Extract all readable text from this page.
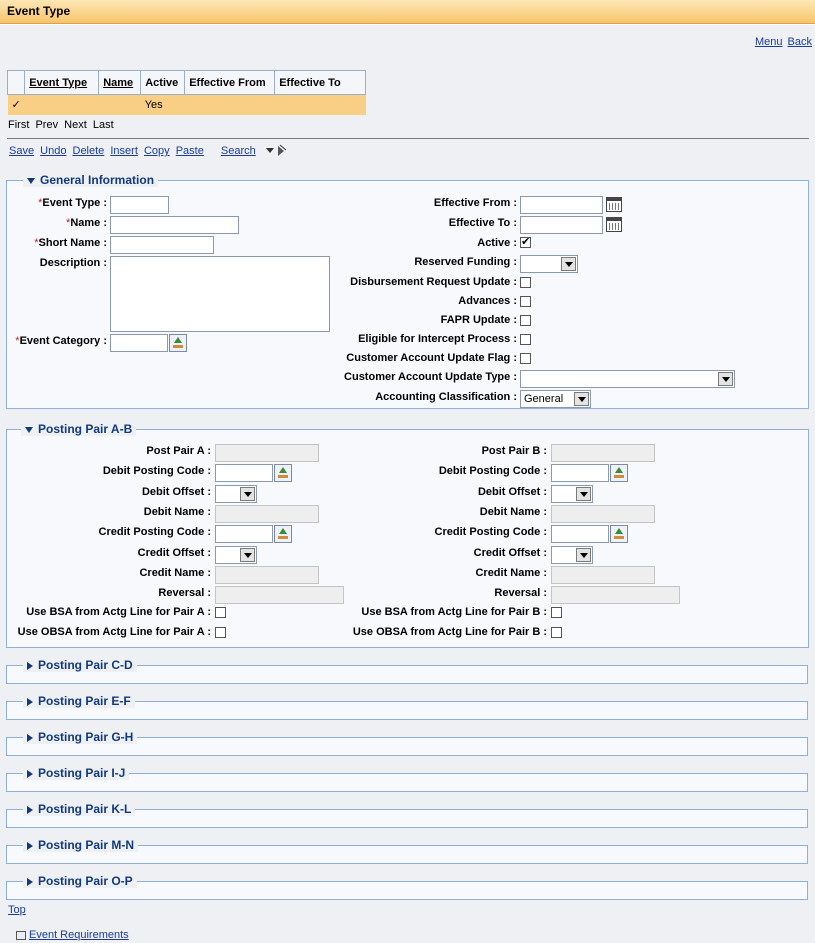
Event Type
Menu Back
	Event Type	Name	Active	Effective From	Effective To
✓			Yes		
First Prev Next Last
Save Undo Delete Insert Copy Paste Search
General Information
*Event Type :
*Name :
*Short Name :
Description :
*Event Category :
Effective From :
Effective To :
Active :
✔
Reserved Funding :
Disbursement Request Update :
Advances :
FAPR Update :
Eligible for Intercept Process :
Customer Account Update Flag :
Customer Account Update Type :
Accounting Classification : General
Posting Pair A-B
Post Pair A :
Debit Posting Code :
Debit Offset :
Debit Name :
Credit Posting Code :
Credit Offset :
Credit Name :
Reversal :
Use BSA from Actg Line for Pair A :
Use OBSA from Actg Line for Pair A :
Post Pair B :
Debit Posting Code :
Debit Offset :
Debit Name :
Credit Posting Code :
Credit Offset :
Credit Name :
Reversal :
Use BSA from Actg Line for Pair B :
Use OBSA from Actg Line for Pair B :
Posting Pair C-D
Posting Pair E-F
Posting Pair G-H
Posting Pair I-J
Posting Pair K-L
Posting Pair M-N
Posting Pair O-P
Top
Event Requirements
